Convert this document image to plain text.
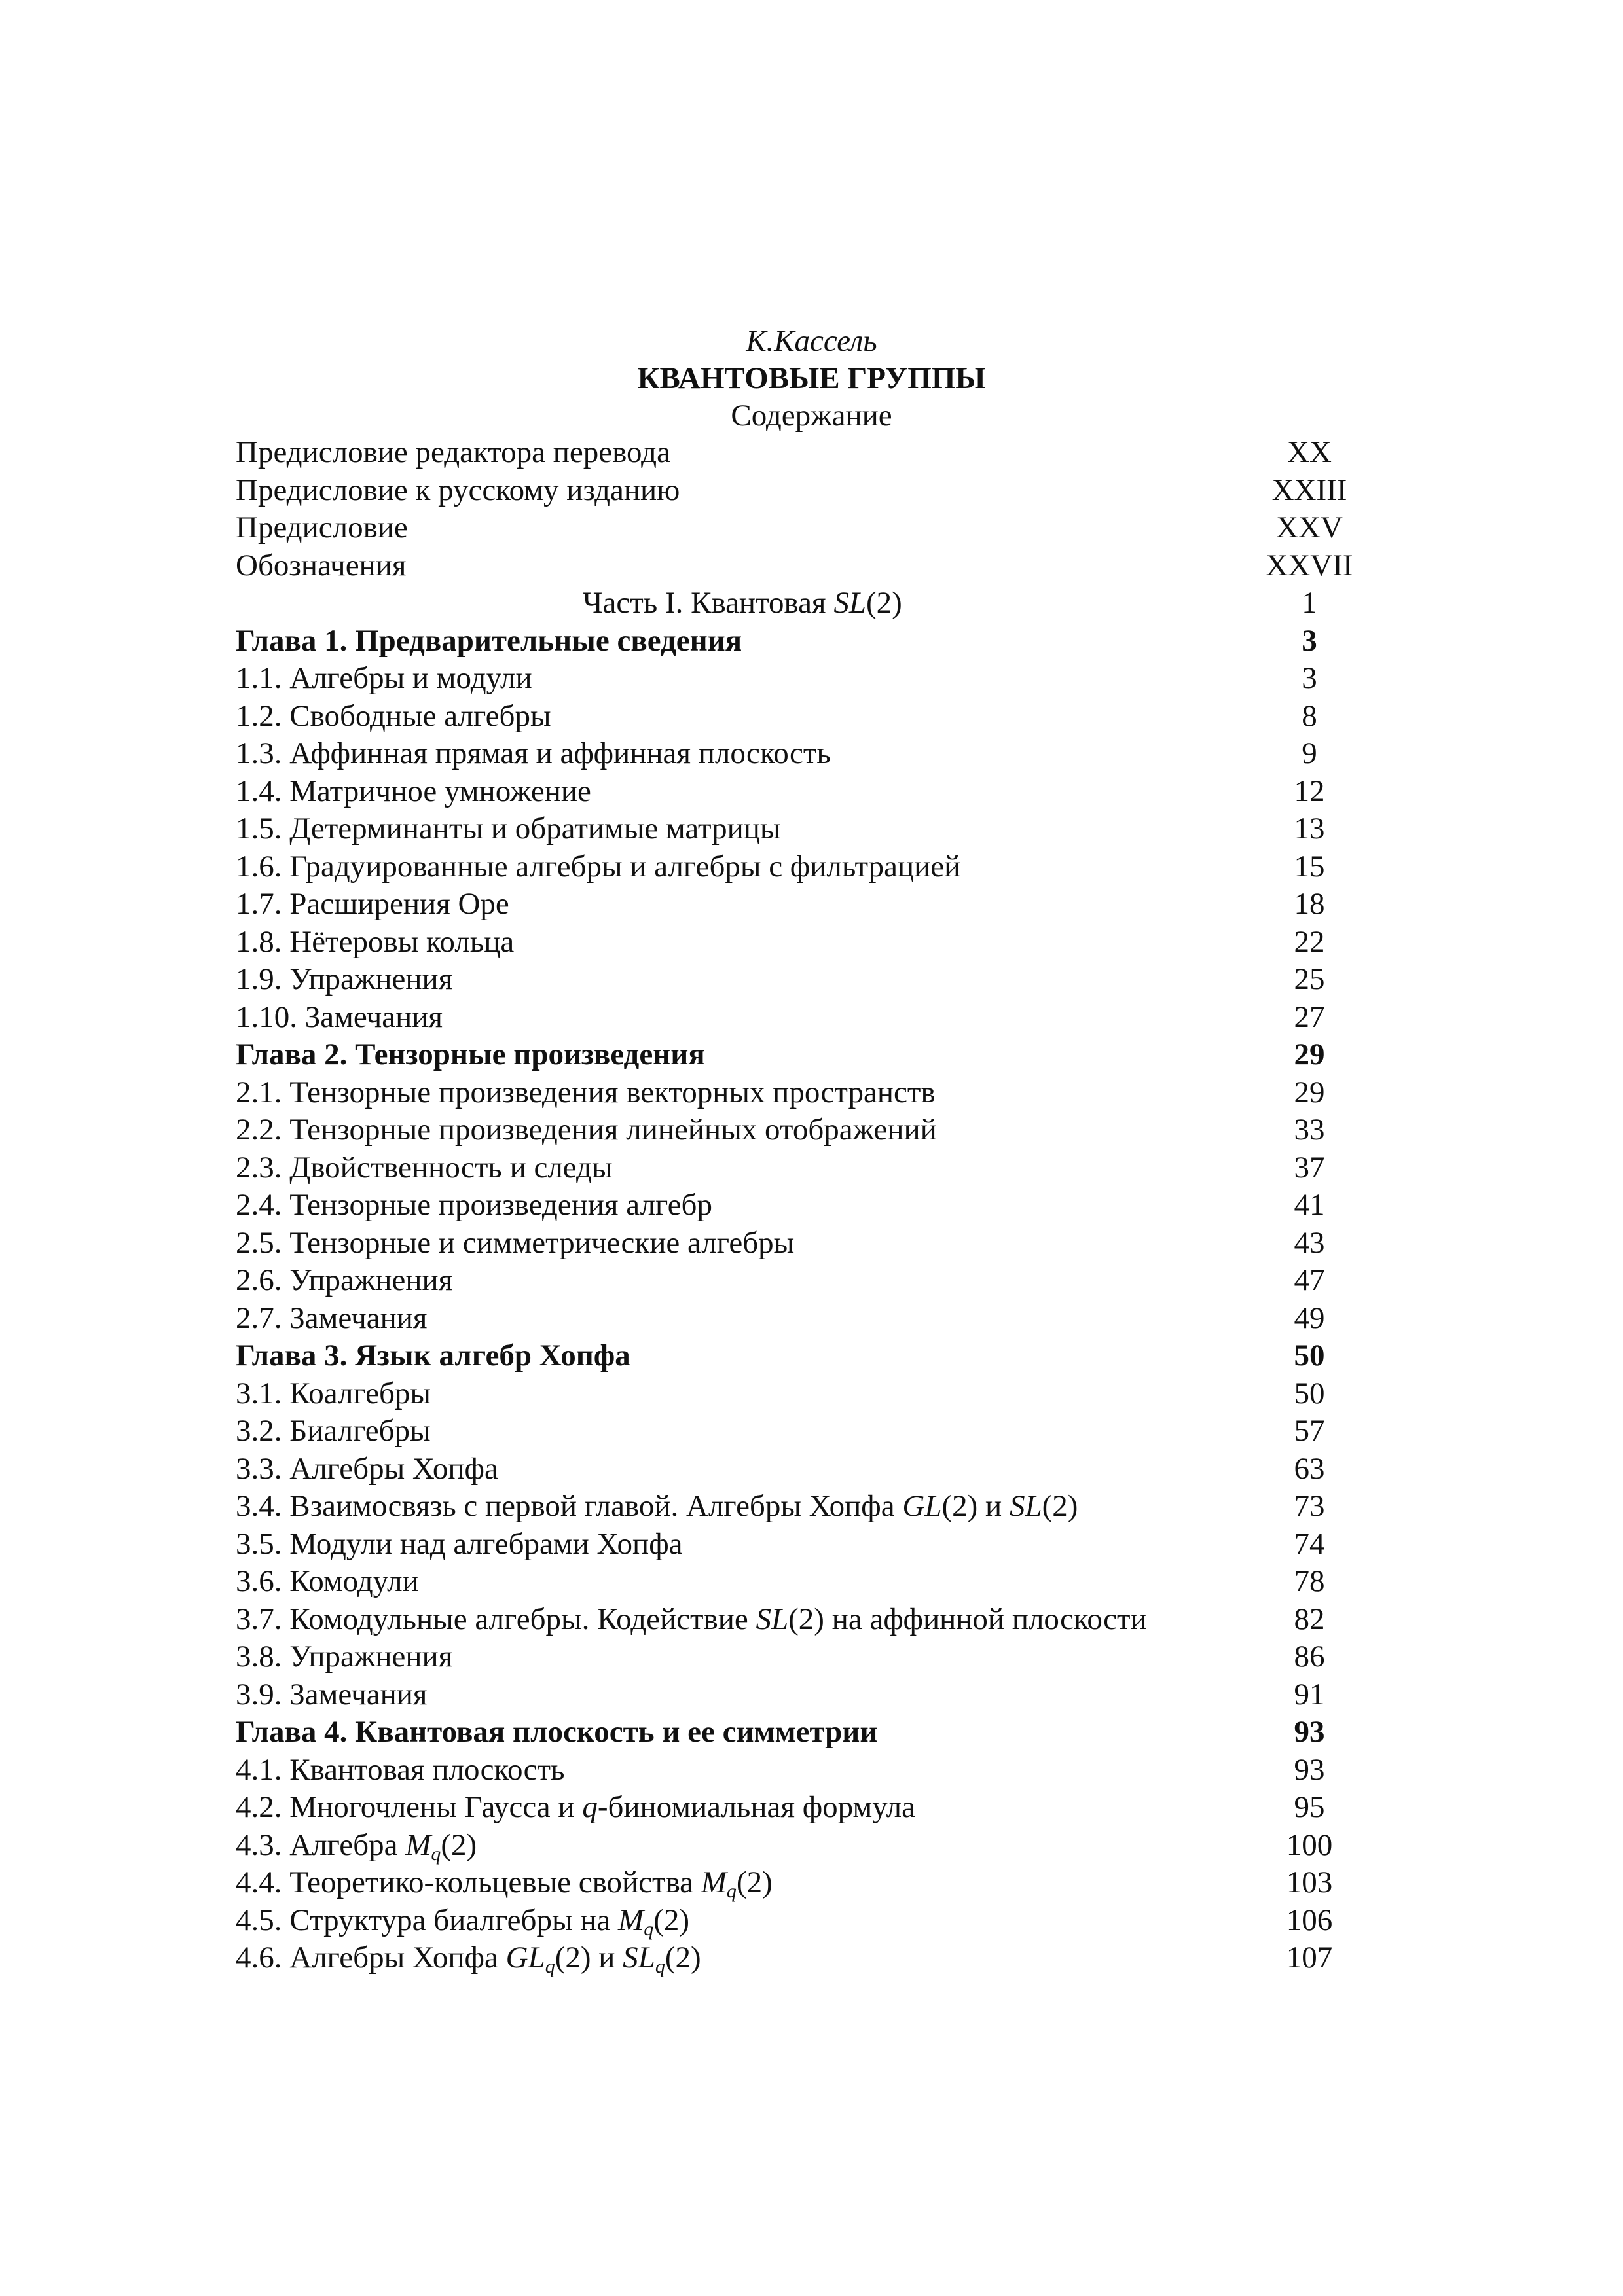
К.Кассель
КВАНТОВЫЕ ГРУППЫ
Содержание
Предисловие редактора перевода	XX
Предисловие к русскому изданию	XXIII
Предисловие	XXV
Обозначения	XXVII
Часть I. Квантовая SL(2)	1
Глава 1. Предварительные сведения	3
1.1. Алгебры и модули	3
1.2. Свободные алгебры	8
1.3. Аффинная прямая и аффинная плоскость	9
1.4. Матричное умножение	12
1.5. Детерминанты и обратимые матрицы	13
1.6. Градуированные алгебры и алгебры с фильтрацией	15
1.7. Расширения Оре	18
1.8. Нётеровы кольца	22
1.9. Упражнения	25
1.10. Замечания	27
Глава 2. Тензорные произведения	29
2.1. Тензорные произведения векторных пространств	29
2.2. Тензорные произведения линейных отображений	33
2.3. Двойственность и следы	37
2.4. Тензорные произведения алгебр	41
2.5. Тензорные и симметрические алгебры	43
2.6. Упражнения	47
2.7. Замечания	49
Глава 3. Язык алгебр Хопфа	50
3.1. Коалгебры	50
3.2. Биалгебры	57
3.3. Алгебры Хопфа	63
3.4. Взаимосвязь с первой главой. Алгебры Хопфа GL(2) и SL(2)	73
3.5. Модули над алгебрами Хопфа	74
3.6. Комодули	78
3.7. Комодульные алгебры. Кодействие SL(2) на аффинной плоскости	82
3.8. Упражнения	86
3.9. Замечания	91
Глава 4. Квантовая плоскость и ее симметрии	93
4.1. Квантовая плоскость	93
4.2. Многочлены Гаусса и q-биномиальная формула	95
4.3. Алгебра $M_q(2)$	100
4.4. Теоретико-кольцевые свойства $M_q(2)$	103
4.5. Структура биалгебры на $M_q(2)$	106
4.6. Алгебры Хопфа $GL_q(2)$ и $SL_q(2)$	107
